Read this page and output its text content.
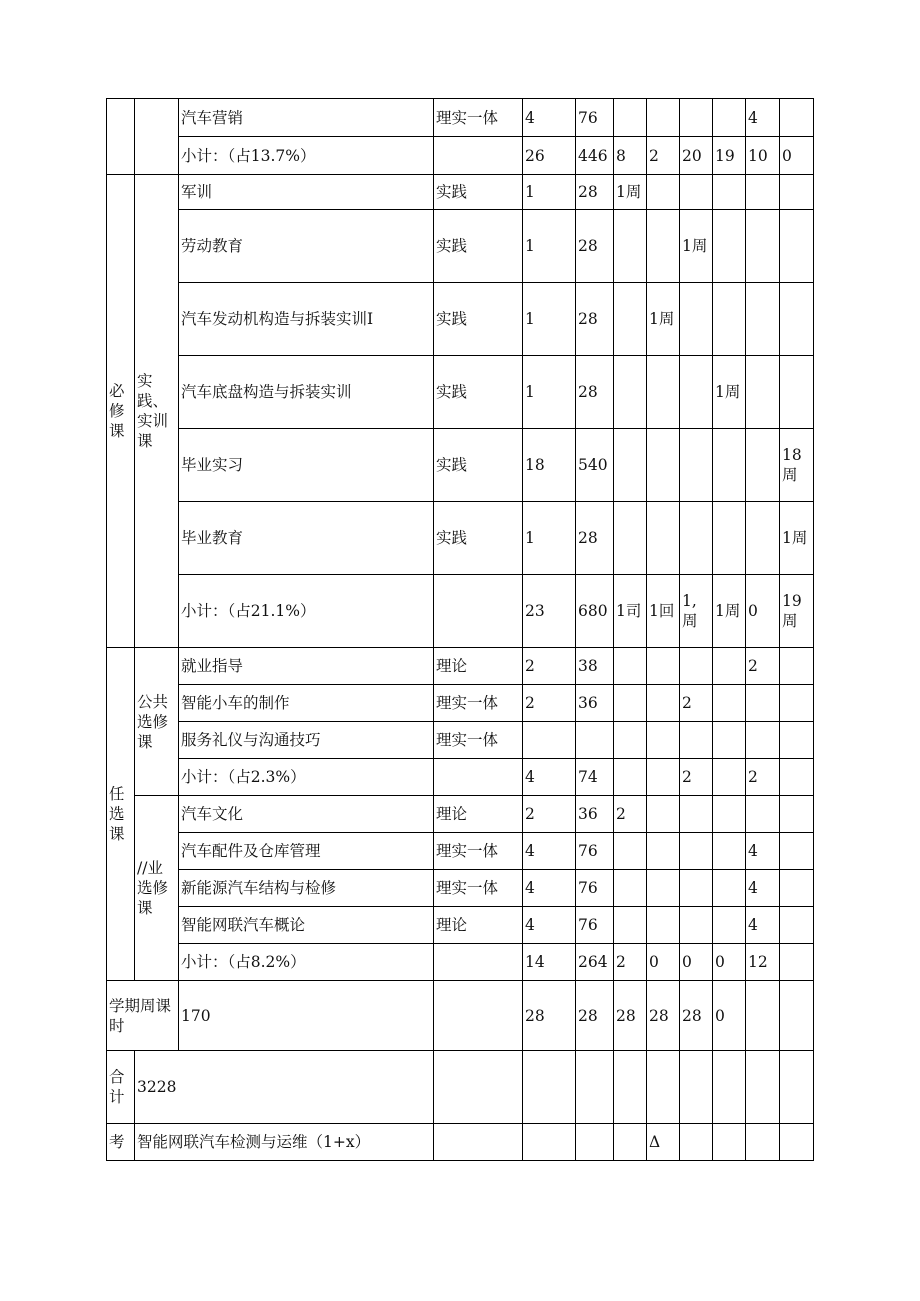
		汽车营销	理实一体	4	76					4	
		小计：（占13.7%）		26	446	8	2	20	19	10	0
必修课	实践、实训课	军训	实践	1	28	1周					

		劳动教育	实践	1	28			1周			

		汽车发动机构造与拆装实训I	实践	1	28		1周				

		汽车底盘构造与拆装实训	实践	1	28				1周		

		毕业实习	实践	18	540						18周

		毕业教育	实践	1	28						1周

		小计：（占21.1%）		23	680	1司	1回	1,周	1周	0	19周

任选课	公共选修课	就业指导	理论	2	38					2	
		智能小车的制作	理实一体	2	36			2			
		服务礼仪与沟通技巧	理实一体								
		小计：（占2.3%）		4	74			2		2	
	//业选修课	汽车文化	理论	2	36	2					
		汽车配件及仓库管理	理实一体	4	76					4	
		新能源汽车结构与检修	理实一体	4	76					4	
		智能网联汽车概论	理论	4	76					4	
		小计：（占8.2%）		14	264	2	0	0	0	12	
学期周课时		170		28	28	28	28	28	0		
合计	3228										
考	智能网联汽车检测与运维（1+x）						Δ				
